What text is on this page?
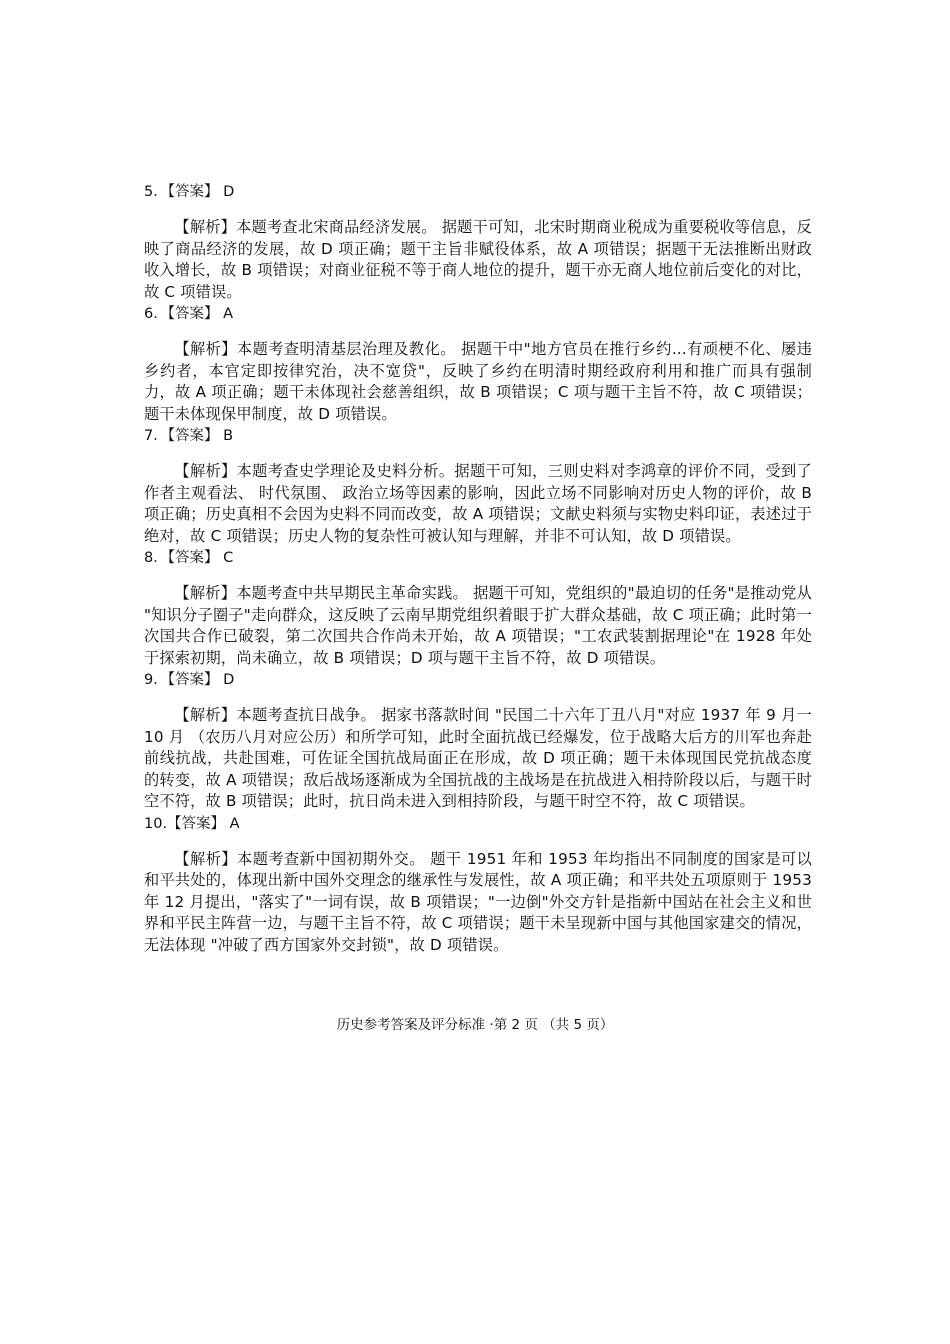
5．【答案】 D
【解析】本题考查北宋商品经济发展。 据题干可知，北宋时期商业税成为重要税收等信息，反映了商品经济的发展，故 D 项正确；题干主旨非赋役体系，故 A 项错误；据题干无法推断出财政收入增长，故 B 项错误；对商业征税不等于商人地位的提升，题干亦无商人地位前后变化的对比，故 C 项错误。
6．【答案】 A
【解析】本题考查明清基层治理及教化。 据题干中"地方官员在推行乡约...有顽梗不化、屡违乡约者，本官定即按律究治，决不宽贷"，反映了乡约在明清时期经政府利用和推广而具有强制力，故 A 项正确；题干未体现社会慈善组织，故 B 项错误；C 项与题干主旨不符，故 C 项错误；题干未体现保甲制度，故 D 项错误。
7．【答案】 B
【解析】本题考查史学理论及史料分析。据题干可知，三则史料对李鸿章的评价不同，受到了作者主观看法、 时代氛围、 政治立场等因素的影响，因此立场不同影响对历史人物的评价，故 B 项正确；历史真相不会因为史料不同而改变，故 A 项错误；文献史料须与实物史料印证，表述过于绝对，故 C 项错误；历史人物的复杂性可被认知与理解，并非不可认知，故 D 项错误。
8．【答案】 C
【解析】本题考查中共早期民主革命实践。 据题干可知，党组织的"最迫切的任务"是推动党从 "知识分子圈子"走向群众，这反映了云南早期党组织着眼于扩大群众基础，故 C 项正确；此时第一次国共合作已破裂，第二次国共合作尚未开始，故 A 项错误；"工农武装割据理论"在 1928 年处于探索初期，尚未确立，故 B 项错误；D 项与题干主旨不符，故 D 项错误。
9．【答案】 D
【解析】本题考查抗日战争。 据家书落款时间 "民国二十六年丁丑八月"对应 1937 年 9 月一 10 月 （农历八月对应公历）和所学可知，此时全面抗战已经爆发，位于战略大后方的川军也奔赴前线抗战，共赴国难，可佐证全国抗战局面正在形成，故 D 项正确；题干未体现国民党抗战态度的转变，故 A 项错误；敌后战场逐渐成为全国抗战的主战场是在抗战进入相持阶段以后，与题干时空不符，故 B 项错误；此时，抗日尚未进入到相持阶段，与题干时空不符，故 C 项错误。
10.【答案】 A
【解析】本题考查新中国初期外交。 题干 1951 年和 1953 年均指出不同制度的国家是可以和平共处的，体现出新中国外交理念的继承性与发展性，故 A 项正确；和平共处五项原则于 1953 年 12 月提出，"落实了"一词有误，故 B 项错误；"一边倒"外交方针是指新中国站在社会主义和世界和平民主阵营一边，与题干主旨不符，故 C 项错误；题干未呈现新中国与其他国家建交的情况，无法体现 "冲破了西方国家外交封锁"，故 D 项错误。
历史参考答案及评分标准 ·第 2 页 （共 5 页）
